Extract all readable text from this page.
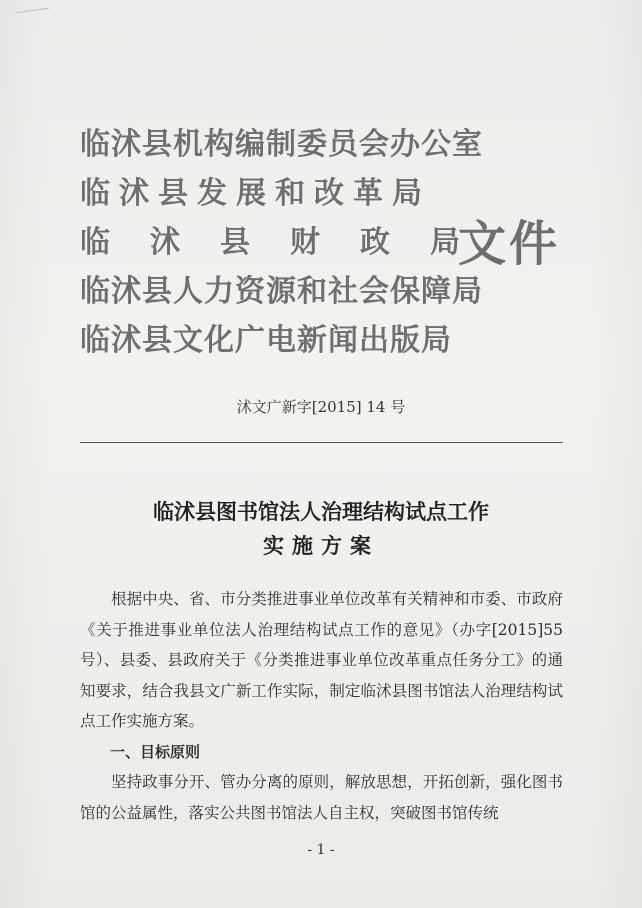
临沭县机构编制委员会办公室
临沭县发展和改革局
临 沭 县 财 政 局
临沭县人力资源和社会保障局
临沭县文化广电新闻出版局
文件
沭文广新字[2015] 14 号
临沭县图书馆法人治理结构试点工作
实施方案

根据中央、省、市分类推进事业单位改革有关精神和市委、市政府《关于推进事业单位法人治理结构试点工作的意见》（办字[2015]55 号）、县委、县政府关于《分类推进事业单位改革重点任务分工》的通知要求，结合我县文广新工作实际，制定临沭县图书馆法人治理结构试点工作实施方案。

一、目标原则

坚持政事分开、管办分离的原则，解放思想，开拓创新，强化图书馆的公益属性，落实公共图书馆法人自主权，突破图书馆传统

- 1 -
